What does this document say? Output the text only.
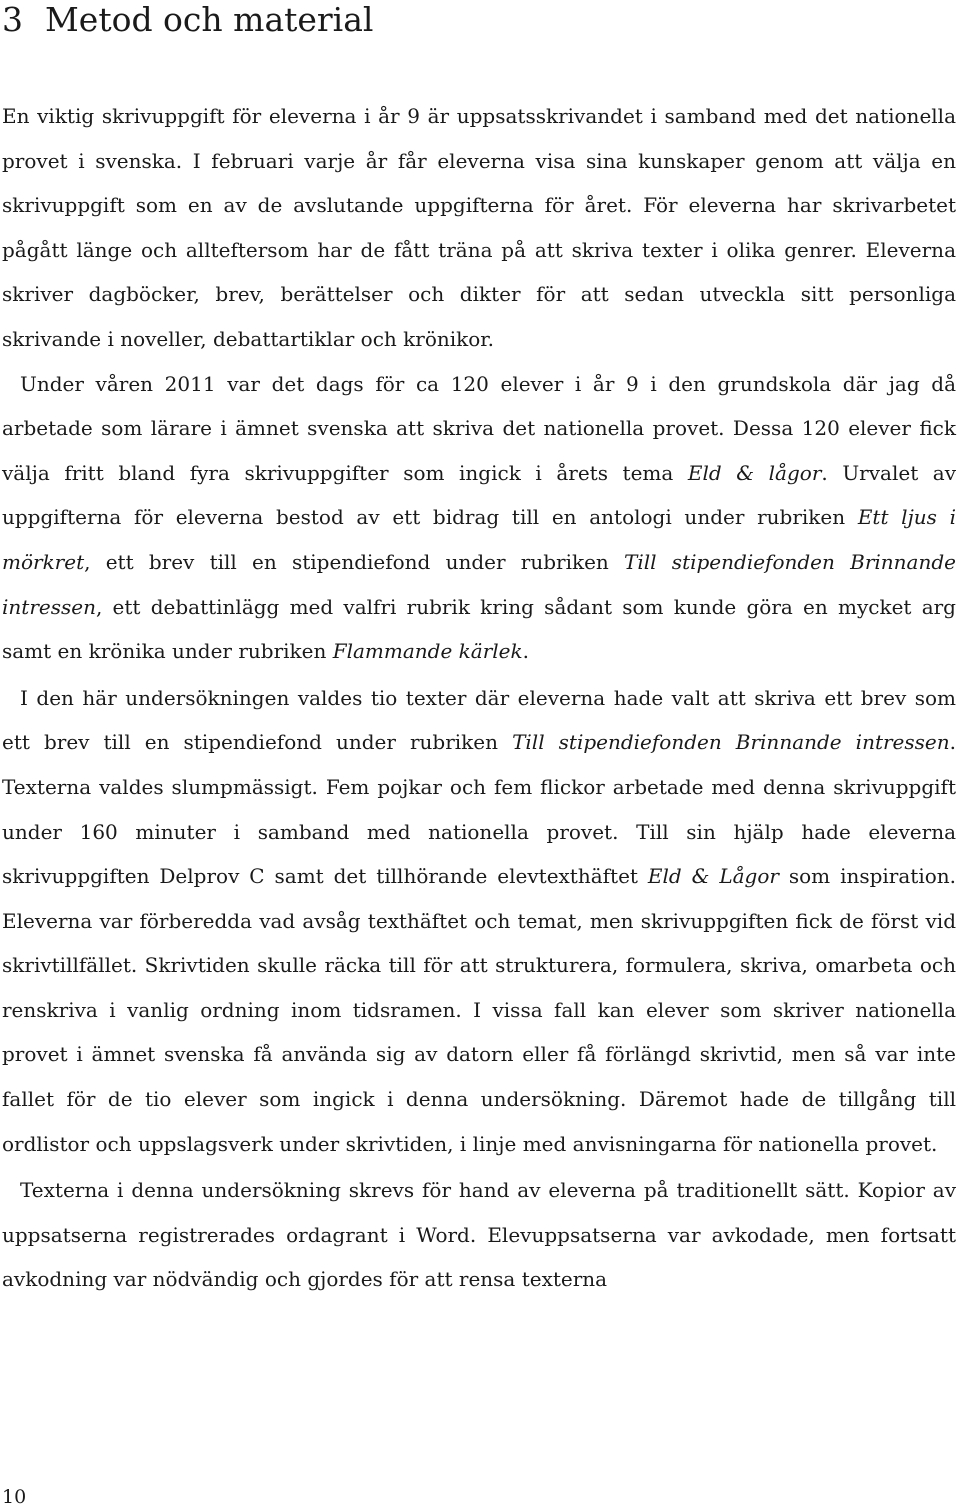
3 Metod och material

En viktig skrivuppgift för eleverna i år 9 är uppsatsskrivandet i samband med det nationella provet i svenska. I februari varje år får eleverna visa sina kunskaper genom att välja en skrivuppgift som en av de avslutande uppgifterna för året. För eleverna har skrivarbetet pågått länge och allteftersom har de fått träna på att skriva texter i olika genrer. Eleverna skriver dagböcker, brev, berättelser och dikter för att sedan utveckla sitt personliga skrivande i noveller, debattartiklar och krönikor.

Under våren 2011 var det dags för ca 120 elever i år 9 i den grundskola där jag då arbetade som lärare i ämnet svenska att skriva det nationella provet. Dessa 120 elever fick välja fritt bland fyra skrivuppgifter som ingick i årets tema Eld & lågor. Urvalet av uppgifterna för eleverna bestod av ett bidrag till en antologi under rubriken Ett ljus i mörkret, ett brev till en stipendiefond under rubriken Till stipendiefonden Brinnande intressen, ett debattinlägg med valfri rubrik kring sådant som kunde göra en mycket arg samt en krönika under rubriken Flammande kärlek.

I den här undersökningen valdes tio texter där eleverna hade valt att skriva ett brev som ett brev till en stipendiefond under rubriken Till stipendiefonden Brinnande intressen. Texterna valdes slumpmässigt. Fem pojkar och fem flickor arbetade med denna skrivuppgift under 160 minuter i samband med nationella provet. Till sin hjälp hade eleverna skrivuppgiften Delprov C samt det tillhörande elevtexthäftet Eld & Lågor som inspiration. Eleverna var förberedda vad avsåg texthäftet och temat, men skrivuppgiften fick de först vid skrivtillfället. Skrivtiden skulle räcka till för att strukturera, formulera, skriva, omarbeta och renskriva i vanlig ordning inom tidsramen. I vissa fall kan elever som skriver nationella provet i ämnet svenska få använda sig av datorn eller få förlängd skrivtid, men så var inte fallet för de tio elever som ingick i denna undersökning. Däremot hade de tillgång till ordlistor och uppslagsverk under skrivtiden, i linje med anvisningarna för nationella provet.

Texterna i denna undersökning skrevs för hand av eleverna på traditionellt sätt. Kopior av uppsatserna registrerades ordagrant i Word. Elevuppsatserna var avkodade, men fortsatt avkodning var nödvändig och gjordes för att rensa texterna

10
